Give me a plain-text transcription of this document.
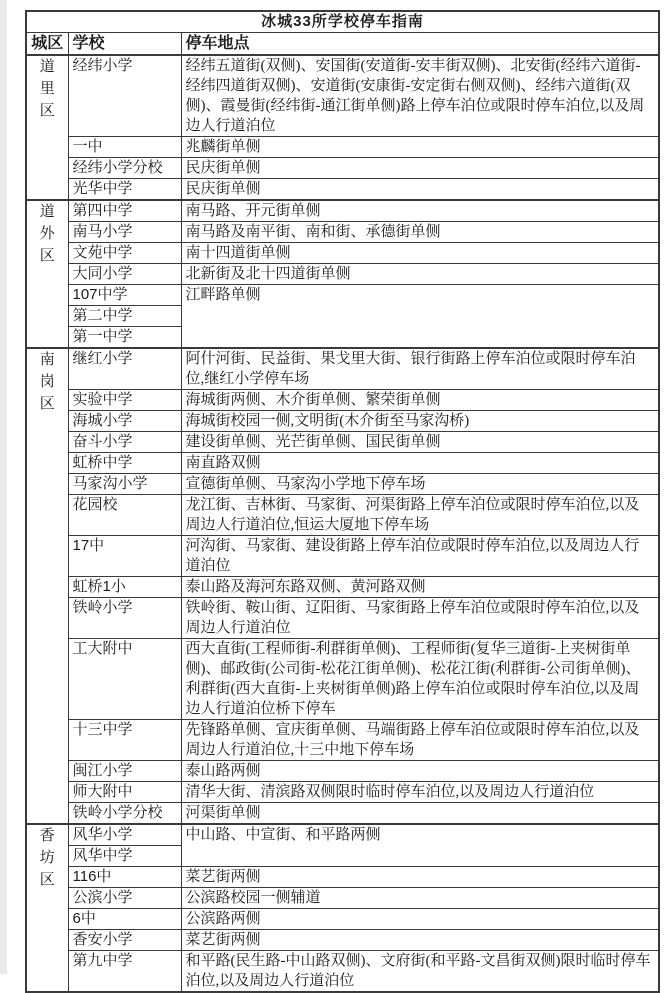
冰城33所学校停车指南		
城区	学校	停车地点

道里区	经纬小学	经纬五道街(双侧)、安国街(安道街-安丰街双侧)、北安街(经纬六道街-经纬四道街双侧)、安道街(安康街-安定街右侧双侧)、经纬六道街(双侧)、霞曼街(经纬街-通江街单侧)路上停车泊位或限时停车泊位,以及周边人行道泊位
	一中	兆麟街单侧
	经纬小学分校	民庆街单侧
	光华中学	民庆街单侧

道外区	第四中学	南马路、开元街单侧
	南马小学	南马路及南平街、南和街、承德街单侧
	文苑中学	南十四道街单侧
	大同小学	北新街及北十四道街单侧
	107中学	江畔路单侧
	第二中学	
	第一中学	

南岗区	继红小学	阿什河街、民益街、果戈里大街、银行街路上停车泊位或限时停车泊位,继红小学停车场
	实验中学	海城街两侧、木介街单侧、繁荣街单侧
	海城小学	海城街校园一侧,文明街(木介街至马家沟桥)
	奋斗小学	建设街单侧、光芒街单侧、国民街单侧
	虹桥中学	南直路双侧
	马家沟小学	宣德街单侧、马家沟小学地下停车场
	花园校	龙江街、吉林街、马家街、河渠街路上停车泊位或限时停车泊位,以及周边人行道泊位,恒运大厦地下停车场
	17中	河沟街、马家街、建设街路上停车泊位或限时停车泊位,以及周边人行道泊位
	虹桥1小	泰山路及海河东路双侧、黄河路双侧
	铁岭小学	铁岭街、鞍山街、辽阳街、马家街路上停车泊位或限时停车泊位,以及周边人行道泊位
	工大附中	西大直街(工程师街-利群街单侧)、工程师街(复华三道街-上夹树街单侧)、邮政街(公司街-松花江街单侧)、松花江街(利群街-公司街单侧)、利群街(西大直街-上夹树街单侧)路上停车泊位或限时停车泊位,以及周边人行道泊位桥下停车
	十三中学	先锋路单侧、宣庆街单侧、马端街路上停车泊位或限时停车泊位,以及周边人行道泊位,十三中地下停车场
	闽江小学	泰山路两侧
	师大附中	清华大街、清滨路双侧限时临时停车泊位,以及周边人行道泊位
	铁岭小学分校	河渠街单侧

香坊区	风华小学	中山路、中宣街、和平路两侧
	风华中学	
	116中	菜艺街两侧
	公滨小学	公滨路校园一侧辅道
	6中	公滨路两侧
	香安小学	菜艺街两侧
	第九中学	和平路(民生路-中山路双侧)、文府街(和平路-文昌街双侧)限时临时停车泊位,以及周边人行道泊位
